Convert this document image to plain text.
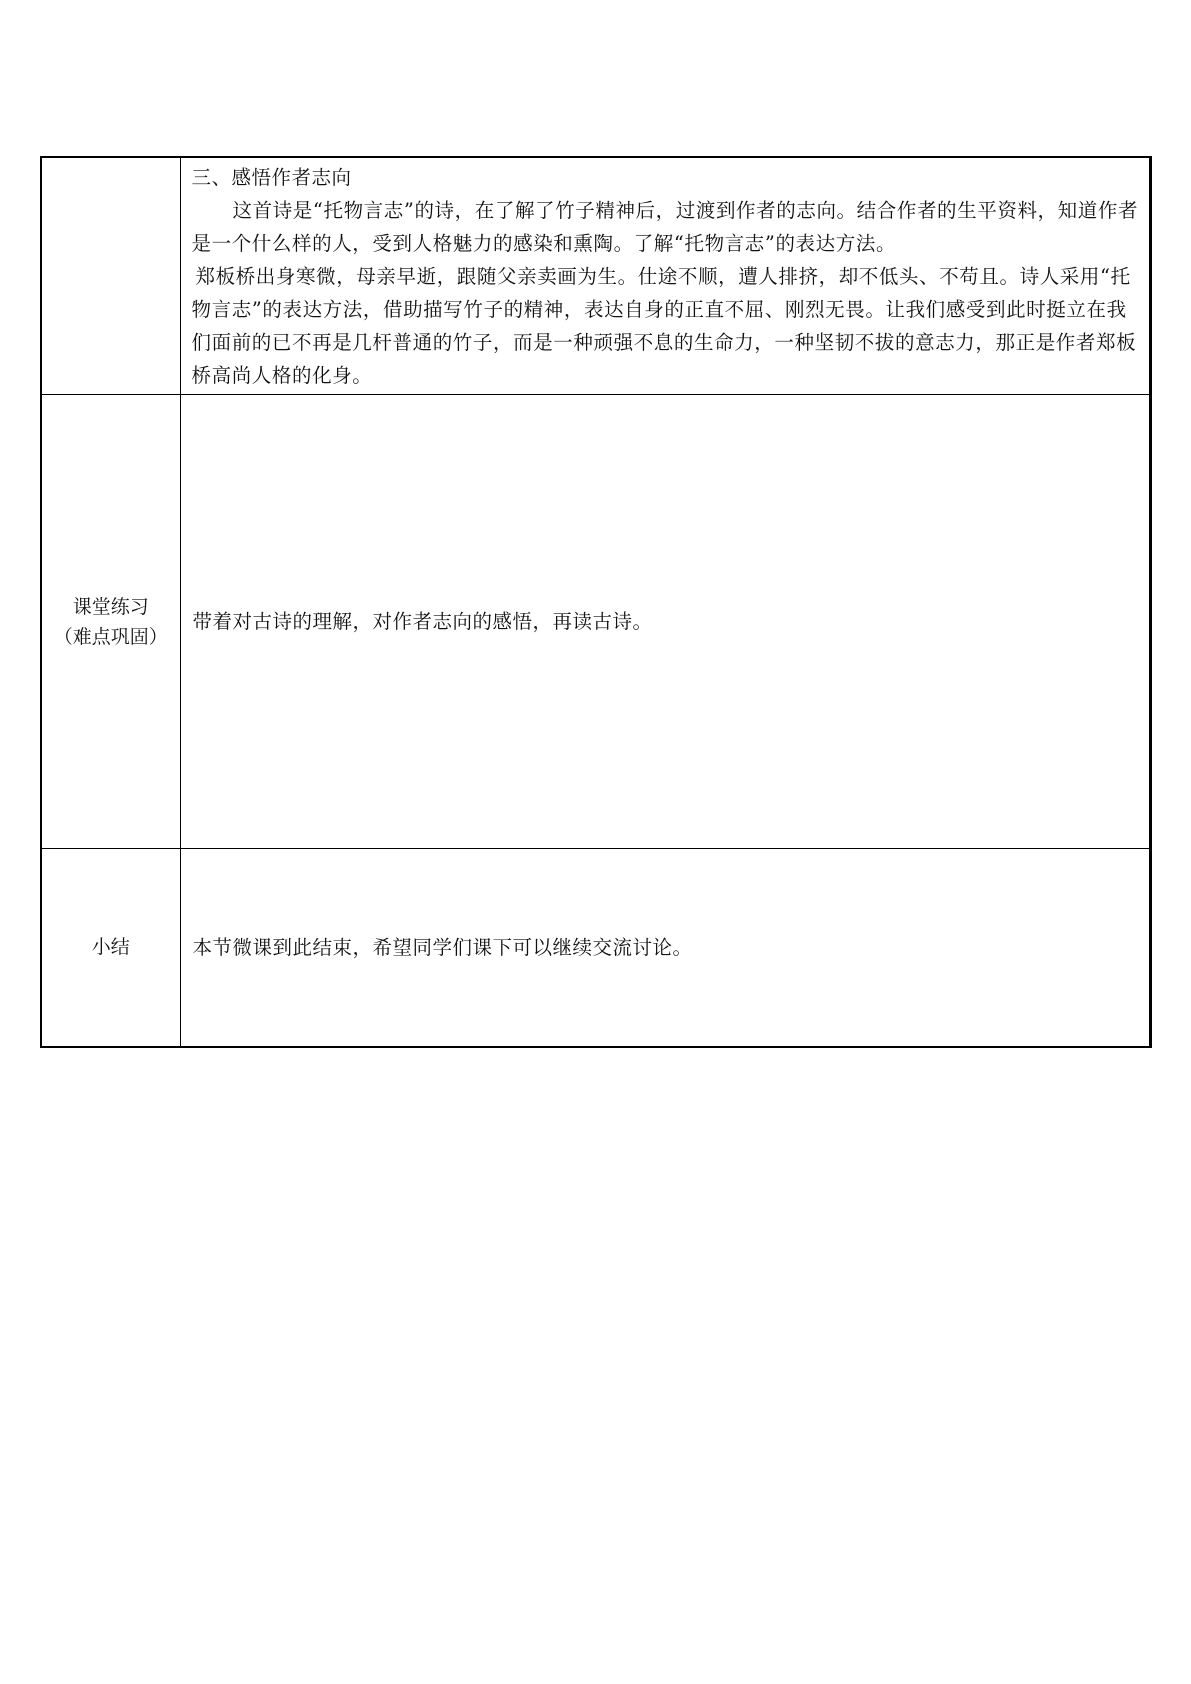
	三、感悟作者志向

这首诗是“托物言志”的诗，在了解了竹子精神后，过渡到作者的志向。结合作者的生平资料，知道作者是一个什么样的人，受到人格魅力的感染和熏陶。了解“托物言志”的表达方法。

郑板桥出身寒微，母亲早逝，跟随父亲卖画为生。仕途不顺，遭人排挤，却不低头、不苟且。诗人采用“托物言志”的表达方法，借助描写竹子的精神，表达自身的正直不屈、刚烈无畏。让我们感受到此时挺立在我们面前的已不再是几杆普通的竹子，而是一种顽强不息的生命力，一种坚韧不拔的意志力，那正是作者郑板桥高尚人格的化身。

课堂练习
（难点巩固）	带着对古诗的理解，对作者志向的感悟，再读古诗。
小结	本节微课到此结束，希望同学们课下可以继续交流讨论。
